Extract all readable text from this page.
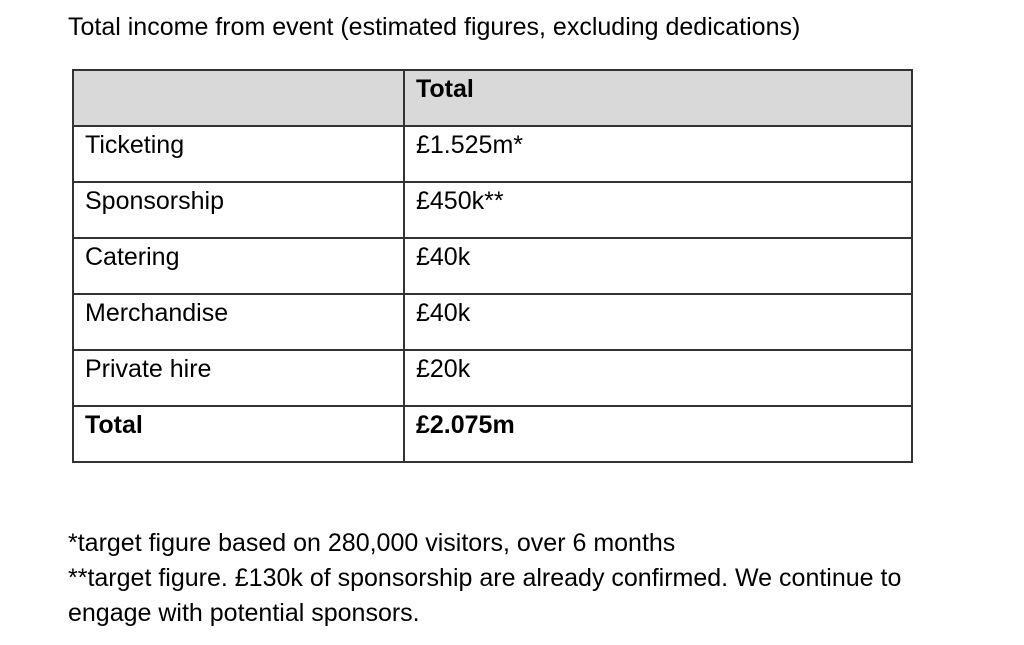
Total income from event (estimated figures, excluding dedications)
	Total
Ticketing	£1.525m*
Sponsorship	£450k**
Catering	£40k
Merchandise	£40k
Private hire	£20k
Total	£2.075m

*target figure based on 280,000 visitors, over 6 months

**target figure. £130k of sponsorship are already confirmed. We continue to engage with potential sponsors.
